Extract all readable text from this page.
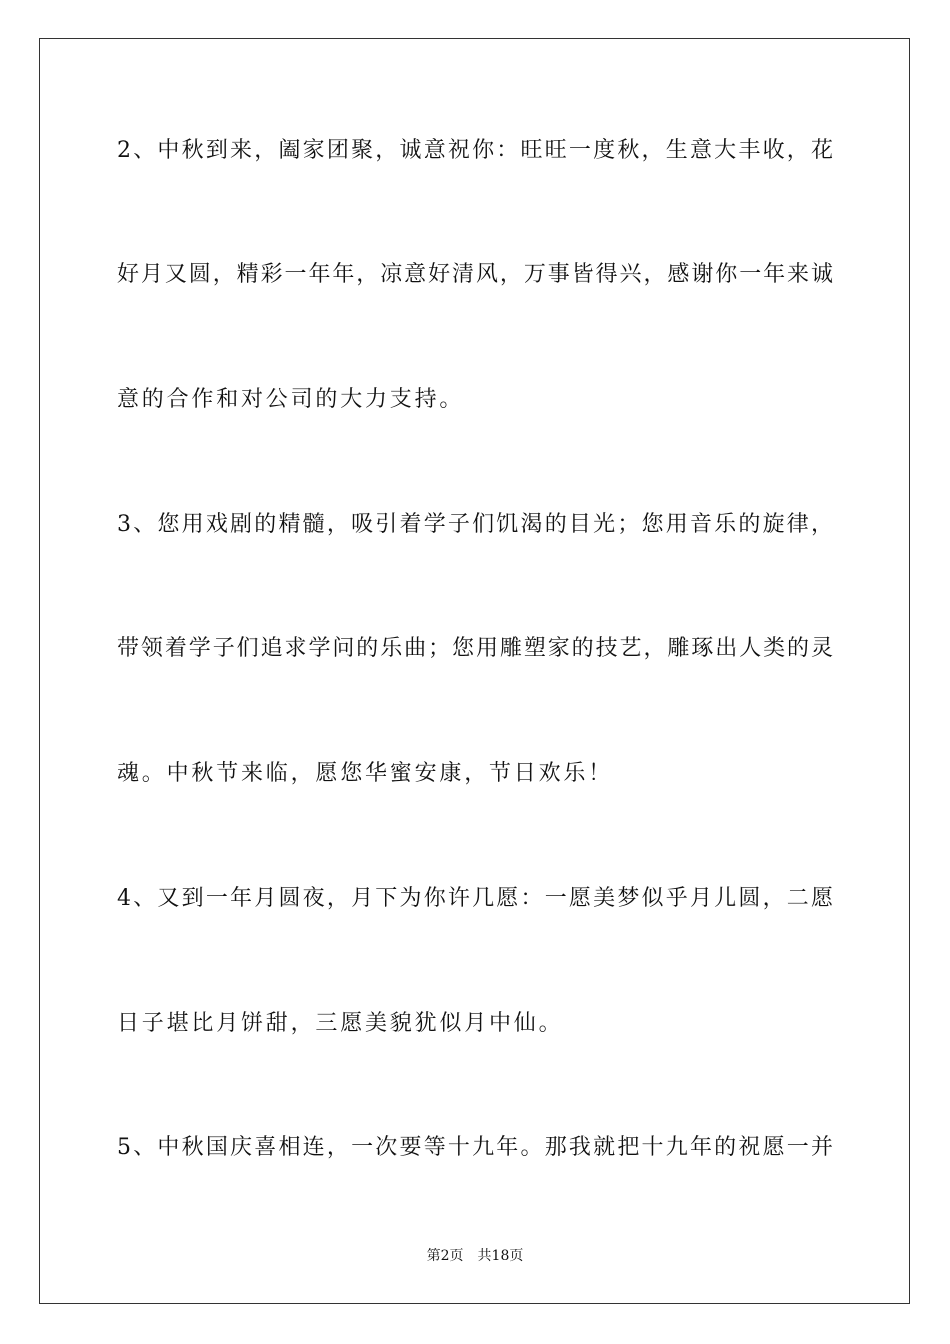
2、中秋到来，阖家团聚，诚意祝你：旺旺一度秋，生意大丰收，花
好月又圆，精彩一年年，凉意好清风，万事皆得兴，感谢你一年来诚
意的合作和对公司的大力支持。
3、您用戏剧的精髓，吸引着学子们饥渴的目光；您用音乐的旋律，
带领着学子们追求学问的乐曲；您用雕塑家的技艺，雕琢出人类的灵
魂。中秋节来临，愿您华蜜安康，节日欢乐！
4、又到一年月圆夜，月下为你许几愿：一愿美梦似乎月儿圆，二愿
日子堪比月饼甜，三愿美貌犹似月中仙。
5、中秋国庆喜相连，一次要等十九年。那我就把十九年的祝愿一并
第2页 共18页
